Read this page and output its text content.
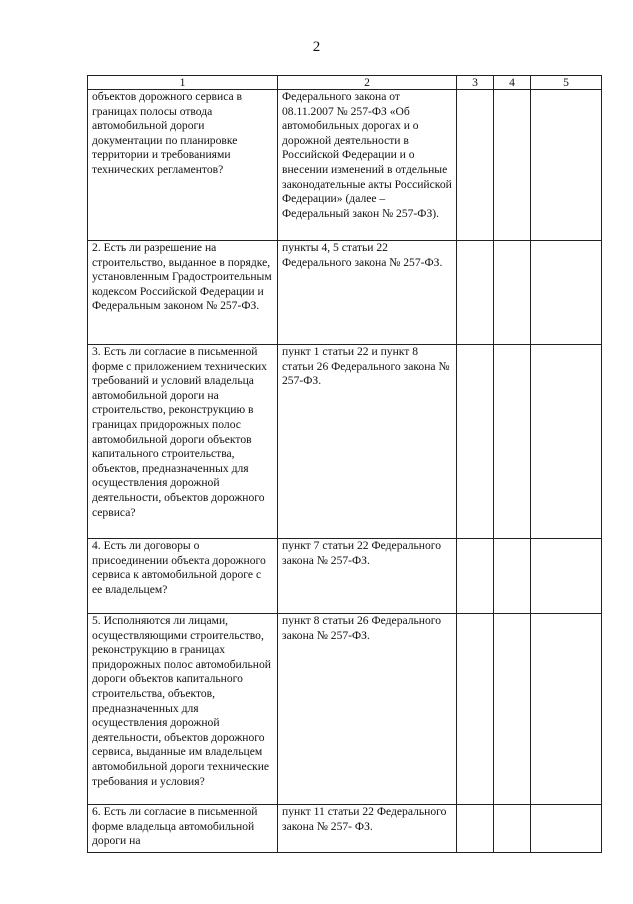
2
1	2	3	4	5
объектов дорожного сервиса в границах полосы отвода автомобильной дороги документации по планировке территории и требованиями технических регламентов?	Федерального закона от 08.11.2007 № 257-ФЗ «Об автомобильных дорогах и о дорожной деятельности в Российской Федерации и о внесении изменений в отдельные законодательные акты Российской Федерации» (далее – Федеральный закон № 257-ФЗ).			
2. Есть ли разрешение на строительство, выданное в порядке, установленным Градостроительным кодексом Российской Федерации и Федеральным законом № 257-ФЗ.	пункты 4, 5 статьи 22 Федерального закона № 257-ФЗ.			
3. Есть ли согласие в письменной форме с приложением технических требований и условий владельца автомобильной дороги на строительство, реконструкцию в границах придорожных полос автомобильной дороги объектов капитального строительства, объектов, предназначенных для осуществления дорожной деятельности, объектов дорожного сервиса?	пункт 1 статьи 22 и пункт 8 статьи 26 Федерального закона № 257-ФЗ.			
4. Есть ли договоры о присоединении объекта дорожного сервиса к автомобильной дороге с ее владельцем?	пункт 7 статьи 22 Федерального закона № 257-ФЗ.			
5. Исполняются ли лицами, осуществляющими строительство, реконструкцию в границах придорожных полос автомобильной дороги объектов капитального строительства, объектов, предназначенных для осуществления дорожной деятельности, объектов дорожного сервиса, выданные им владельцем автомобильной дороги технические требования и условия?	пункт 8 статьи 26 Федерального закона № 257-ФЗ.			
6. Есть ли согласие в письменной форме владельца автомобильной дороги на	пункт 11 статьи 22 Федерального закона № 257- ФЗ.			
